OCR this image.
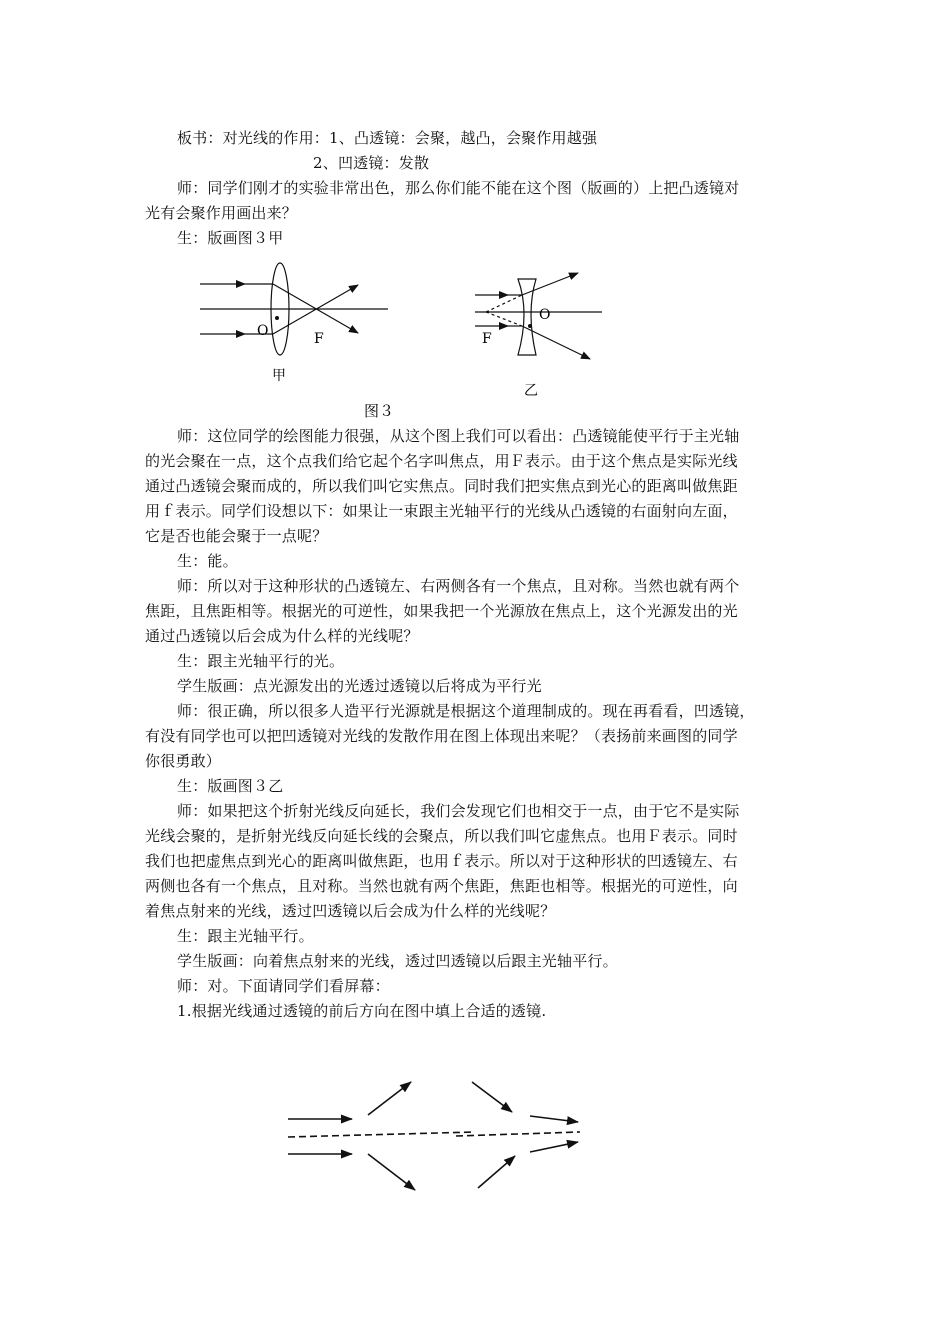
板书：对光线的作用：1、凸透镜：会聚，越凸，会聚作用越强
2、凹透镜：发散
师：同学们刚才的实验非常出色，那么你们能不能在这个图（版画的）上把凸透镜对
光有会聚作用画出来？
生：版画图３甲
O	F
甲
O
F
乙
图３
师：这位同学的绘图能力很强，从这个图上我们可以看出：凸透镜能使平行于主光轴
的光会聚在一点，这个点我们给它起个名字叫焦点，用Ｆ表示。由于这个焦点是实际光线
通过凸透镜会聚而成的，所以我们叫它实焦点。同时我们把实焦点到光心的距离叫做焦距
用ｆ表示。同学们设想以下：如果让一束跟主光轴平行的光线从凸透镜的右面射向左面，
它是否也能会聚于一点呢？
生：能。
师：所以对于这种形状的凸透镜左、右两侧各有一个焦点，且对称。当然也就有两个
焦距，且焦距相等。根据光的可逆性，如果我把一个光源放在焦点上，这个光源发出的光
通过凸透镜以后会成为什么样的光线呢？
生：跟主光轴平行的光。
学生版画：点光源发出的光透过透镜以后将成为平行光
师：很正确，所以很多人造平行光源就是根据这个道理制成的。现在再看看，凹透镜，
有没有同学也可以把凹透镜对光线的发散作用在图上体现出来呢？（表扬前来画图的同学
你很勇敢）
生：版画图３乙
师：如果把这个折射光线反向延长，我们会发现它们也相交于一点，由于它不是实际
光线会聚的，是折射光线反向延长线的会聚点，所以我们叫它虚焦点。也用Ｆ表示。同时
我们也把虚焦点到光心的距离叫做焦距，也用ｆ表示。所以对于这种形状的凹透镜左、右
两侧也各有一个焦点，且对称。当然也就有两个焦距，焦距也相等。根据光的可逆性，向
着焦点射来的光线，透过凹透镜以后会成为什么样的光线呢？
生：跟主光轴平行。
学生版画：向着焦点射来的光线，透过凹透镜以后跟主光轴平行。
师：对。下面请同学们看屏幕：
1.根据光线通过透镜的前后方向在图中填上合适的透镜.
